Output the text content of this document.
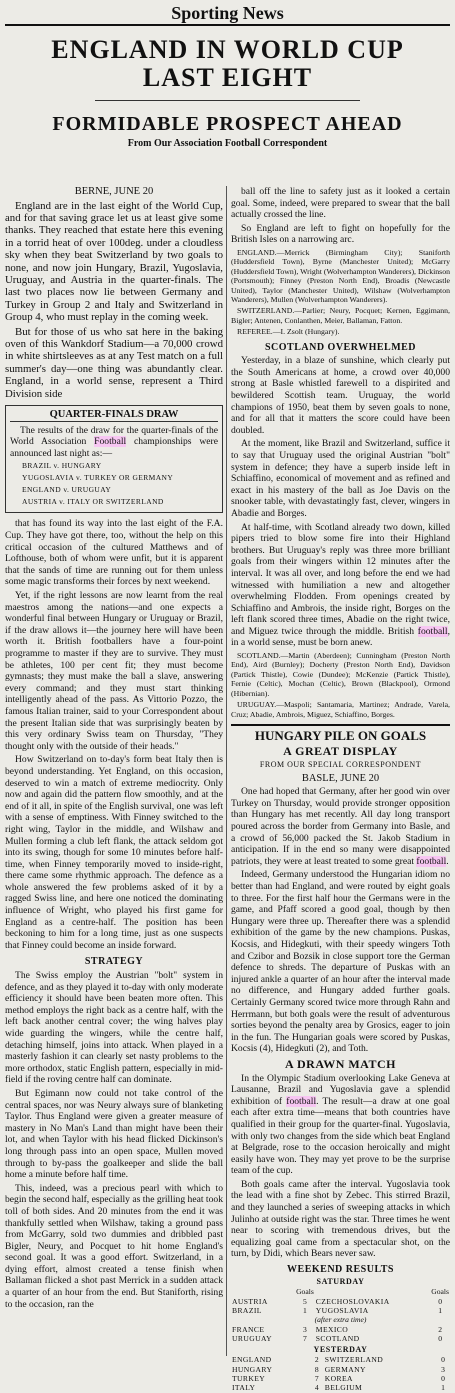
Sporting News
ENGLAND IN WORLD CUP
LAST EIGHT
FORMIDABLE PROSPECT AHEAD
From Our Association Football Correspondent
BERNE, JUNE 20

England are in the last eight of the World Cup, and for that saving grace let us at least give some thanks. They reached that estate here this evening in a torrid heat of over 100deg. under a cloudless sky when they beat Switzerland by two goals to none, and now join Hungary, Brazil, Yugoslavia, Uruguay, and Austria in the quarter-finals. The last two places now lie between Germany and Turkey in Group 2 and Italy and Switzerland in Group 4, who must replay in the coming week.

But for those of us who sat here in the baking oven of this Wankdorf Stadium—a 70,000 crowd in white shirtsleeves as at any Test match on a full summer's day—one thing was abundantly clear. England, in a world sense, represent a Third Division side

QUARTER-FINALS DRAW

The results of the draw for the quarter-finals of the World Association Football championships were announced last night as:—

BRAZIL v. HUNGARY

YUGOSLAVIA v. TURKEY OR GERMANY

ENGLAND v. URUGUAY

AUSTRIA v. ITALY OR SWITZERLAND

that has found its way into the last eight of the F.A. Cup. They have got there, too, without the help on this critical occasion of the cultured Matthews and of Lofthouse, both of whom were unfit, but it is apparent that the sands of time are running out for them unless some magic transforms their forces by next weekend.

Yet, if the right lessons are now learnt from the real maestros among the nations—and one expects a wonderful final between Hungary or Uruguay or Brazil, if the draw allows it—the journey here will have been worth it. British footballers have a four-point programme to master if they are to survive. They must be athletes, 100 per cent fit; they must become gymnasts; they must make the ball a slave, answering every command; and they must start thinking intelligently ahead of the pass. As Vittorio Pozzo, the famous Italian trainer, said to your Correspondent about the present Italian side that was surprisingly beaten by this very ordinary Swiss team on Thursday, "They thought only with the outside of their heads."

How Switzerland on to-day's form beat Italy then is beyond understanding. Yet England, on this occasion, deserved to win a match of extreme mediocrity. Only now and again did the pattern flow smoothly, and at the end of it all, in spite of the English survival, one was left with a sense of emptiness. With Finney switched to the right wing, Taylor in the middle, and Wilshaw and Mullen forming a club left flank, the attack seldom got into its swing, though for some 10 minutes before half-time, when Finney temporarily moved to inside-right, there came some rhythmic approach. The defence as a whole answered the few problems asked of it by a ragged Swiss line, and here one noticed the dominating influence of Wright, who played his first game for England as a centre-half. The position has been beckoning to him for a long time, just as one suspects that Finney could become an inside forward.

STRATEGY

The Swiss employ the Austrian "bolt" system in defence, and as they played it to-day with only moderate efficiency it should have been beaten more often. This method employs the right back as a centre half, with the left back another central cover; the wing halves play wide guarding the wingers, while the centre half, detaching himself, joins into attack. When played in a masterly fashion it can clearly set nasty problems to the more orthodox, static English pattern, especially in mid-field if the roving centre half can dominate.

But Egimann now could not take control of the central spaces, nor was Neury always sure of blanketing Taylor. Thus England were given a greater measure of mastery in No Man's Land than might have been their lot, and when Taylor with his head flicked Dickinson's long through pass into an open space, Mullen moved through to by-pass the goalkeeper and slide the ball home a minute before half time.

This, indeed, was a precious pearl with which to begin the second half, especially as the grilling heat took toll of both sides. And 20 minutes from the end it was thankfully settled when Wilshaw, taking a ground pass from McGarry, sold two dummies and dribbled past Bigler, Neury, and Pocquet to hit home England's second goal. It was a good effort. Switzerland, in a dying effort, almost created a tense finish when Ballaman flicked a shot past Merrick in a sudden attack a quarter of an hour from the end. But Staniforth, rising to the occasion, ran the

ball off the line to safety just as it looked a certain goal. Some, indeed, were prepared to swear that the ball actually crossed the line.

So England are left to fight on hopefully for the British Isles on a narrowing arc.

ENGLAND.—Merrick (Birmingham City); Staniforth (Huddersfield Town), Byrne (Manchester United); McGarry (Huddersfield Town), Wright (Wolverhampton Wanderers), Dickinson (Portsmouth); Finney (Preston North End), Broadis (Newcastle United), Taylor (Manchester United), Wilshaw (Wolverhampton Wanderers), Mullen (Wolverhampton Wanderers).

SWITZERLAND.—Parlier; Neury, Pocquet; Kernen, Eggimann, Bigler; Antenen, Conlanthen, Meier, Ballaman, Fatton.

REFEREE.—I. Zsolt (Hungary).

SCOTLAND OVERWHELMED

Yesterday, in a blaze of sunshine, which clearly put the South Americans at home, a crowd over 40,000 strong at Basle whistled farewell to a dispirited and bewildered Scottish team. Uruguay, the world champions of 1950, beat them by seven goals to none, and for all that it matters the score could have been doubled.

At the moment, like Brazil and Switzerland, suffice it to say that Uruguay used the original Austrian "bolt" system in defence; they have a superb inside left in Schiaffino, economical of movement and as refined and exact in his mastery of the ball as Joe Davis on the snooker table, with devastatingly fast, clever, wingers in Abadie and Borges.

At half-time, with Scotland already two down, killed pipers tried to blow some fire into their Highland brothers. But Uruguay's reply was three more brilliant goals from their wingers within 12 minutes after the interval. It was all over, and long before the end we had witnessed with humiliation a new and altogether overwhelming Flodden. From openings created by Schiaffino and Ambrois, the inside right, Borges on the left flank scored three times, Abadie on the right twice, and Miguez twice through the middle. British football, in a world sense, must be born anew.

SCOTLAND.—Martin (Aberdeen); Cunningham (Preston North End), Aird (Burnley); Docherty (Preston North End), Davidson (Partick Thistle), Cowie (Dundee); McKenzie (Partick Thistle), Fernie (Celtic), Mochan (Celtic), Brown (Blackpool), Ormond (Hibernian).

URUGUAY.—Maspoli; Santamaria, Martinez; Andrade, Varela, Cruz; Abadie, Ambrois, Miguez, Schiaffino, Borges.

HUNGARY PILE ON GOALS
A GREAT DISPLAY
FROM OUR SPECIAL CORRESPONDENT
BASLE, JUNE 20

One had hoped that Germany, after her good win over Turkey on Thursday, would provide stronger opposition than Hungary has met recently. All day long transport poured across the border from Germany into Basle, and a crowd of 56,000 packed the St. Jakob Stadium in anticipation. If in the end so many were disappointed patriots, they were at least treated to some great football.

Indeed, Germany understood the Hungarian idiom no better than had England, and were routed by eight goals to three. For the first half hour the Germans were in the game, and Pfaff scored a good goal, though by then Hungary were three up. Thereafter there was a splendid exhibition of the game by the new champions. Puskas, Kocsis, and Hidegkuti, with their speedy wingers Toth and Czibor and Bozsik in close support tore the German defence to shreds. The departure of Puskas with an injured ankle a quarter of an hour after the interval made no difference, and Hungary added further goals. Certainly Germany scored twice more through Rahn and Herrmann, but both goals were the result of adventurous sorties beyond the penalty area by Grosics, eager to join in the fun. The Hungarian goals were scored by Puskas, Kocsis (4), Hidegkuti (2), and Toth.

A DRAWN MATCH

In the Olympic Stadium overlooking Lake Geneva at Lausanne, Brazil and Yugoslavia gave a splendid exhibition of football. The result—a draw at one goal each after extra time—means that both countries have qualified in their group for the quarter-final. Yugoslavia, with only two changes from the side which beat England at Belgrade, rose to the occasion heroically and might easily have won. They may yet prove to be the surprise team of the cup.

Both goals came after the interval. Yugoslavia took the lead with a fine shot by Zebec. This stirred Brazil, and they launched a series of sweeping attacks in which Julinho at outside right was the star. Three times he went near to scoring with tremendous drives, but the equalizing goal came from a spectacular shot, on the turn, by Didi, which Bears never saw.

WEEKEND RESULTS
SATURDAY
	Goals		Goals
AUSTRIA	5	CZECHOSLOVAKIA	0
BRAZIL	1	YUGOSLAVIA	1
(after extra time)			
FRANCE	3	MEXICO	2
URUGUAY	7	SCOTLAND	0
YESTERDAY
ENGLAND	2	SWITZERLAND	0
HUNGARY	8	GERMANY	3
TURKEY	7	KOREA	0
ITALY	4	BELGIUM	1
